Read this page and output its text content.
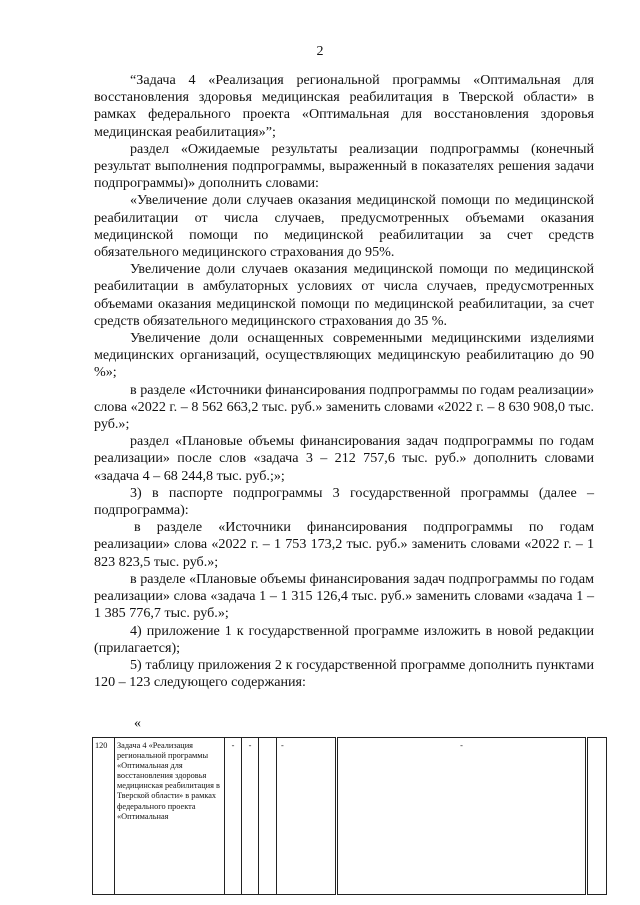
2

“Задача 4 «Реализация региональной программы «Оптимальная для восстановления здоровья медицинская реабилитация в Тверской области» в рамках федерального проекта «Оптимальная для восстановления здоровья медицинская реабилитация»”;

раздел «Ожидаемые результаты реализации подпрограммы (конечный результат выполнения подпрограммы, выраженный в показателях решения задачи подпрограммы)» дополнить словами:

«Увеличение доли случаев оказания медицинской помощи по медицинской реабилитации от числа случаев, предусмотренных объемами оказания медицинской помощи по медицинской реабилитации за счет средств обязательного медицинского страхования до 95%.

Увеличение доли случаев оказания медицинской помощи по медицинской реабилитации в амбулаторных условиях от числа случаев, предусмотренных объемами оказания медицинской помощи по медицинской реабилитации, за счет средств обязательного медицинского страхования до 35 %.

Увеличение доли оснащенных современными медицинскими изделиями медицинских организаций, осуществляющих медицинскую реабилитацию до 90 %»;

в разделе «Источники финансирования подпрограммы по годам реализации» слова «2022 г. – 8 562 663,2 тыс. руб.» заменить словами «2022 г. – 8 630 908,0 тыс. руб.»;

раздел «Плановые объемы финансирования задач подпрограммы по годам реализации» после слов «задача 3 – 212 757,6 тыс. руб.» дополнить словами «задача 4 – 68 244,8 тыс. руб.;»;

3) в паспорте подпрограммы 3 государственной программы (далее – подпрограмма):

в разделе «Источники финансирования подпрограммы по годам реализации» слова «2022 г. – 1 753 173,2 тыс. руб.» заменить словами «2022 г. – 1 823 823,5 тыс. руб.»;

в разделе «Плановые объемы финансирования задач подпрограммы по годам реализации» слова «задача 1 – 1 315 126,4 тыс. руб.» заменить словами «задача 1 – 1 385 776,7 тыс. руб.»;

4) приложение 1 к государственной программе изложить в новой редакции (прилагается);

5) таблицу приложения 2 к государственной программе дополнить пунктами 120 – 123 следующего содержания:

«
120	Задача 4 «Реализация региональной программы «Оптимальная для восстановления здоровья медицинская реабилитация в Тверской области» в рамках федерального проекта «Оптимальная	-	-		-	-	
